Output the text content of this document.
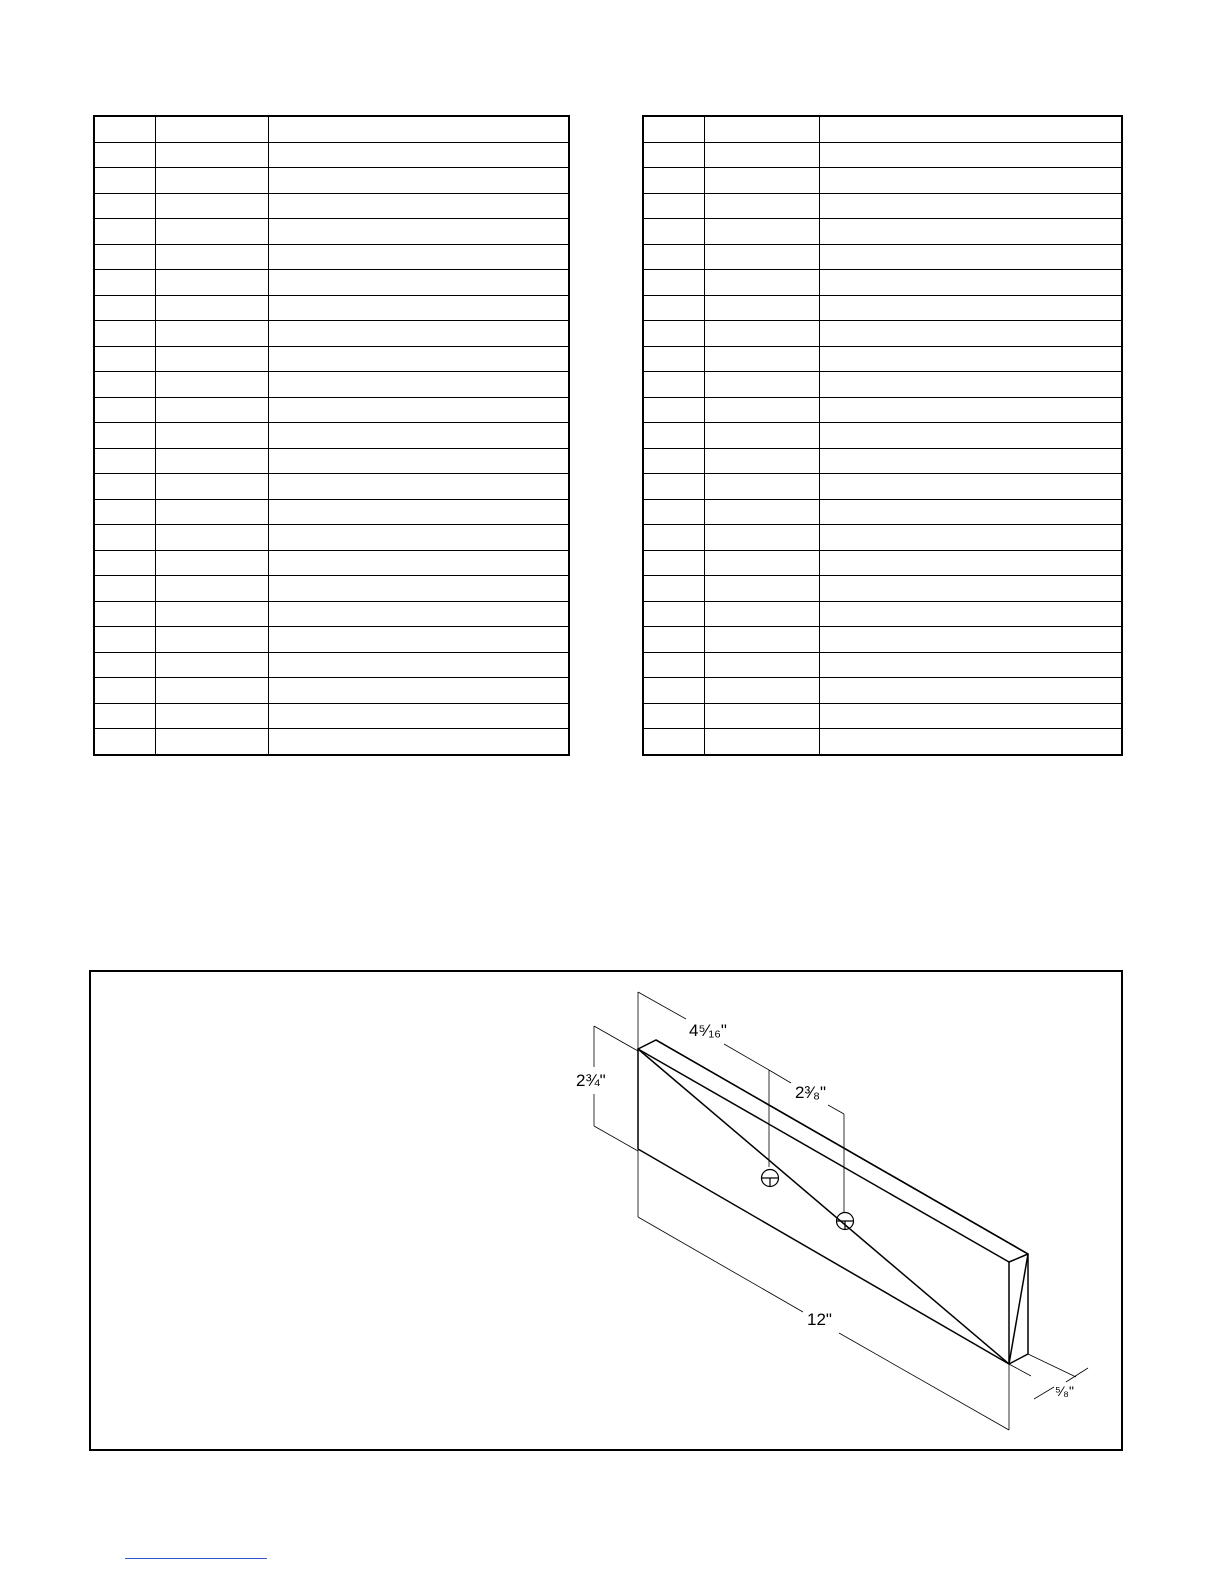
4⁵⁄₁₆"
2³⁄₈"
2¾"
12"
⁵⁄₈"
